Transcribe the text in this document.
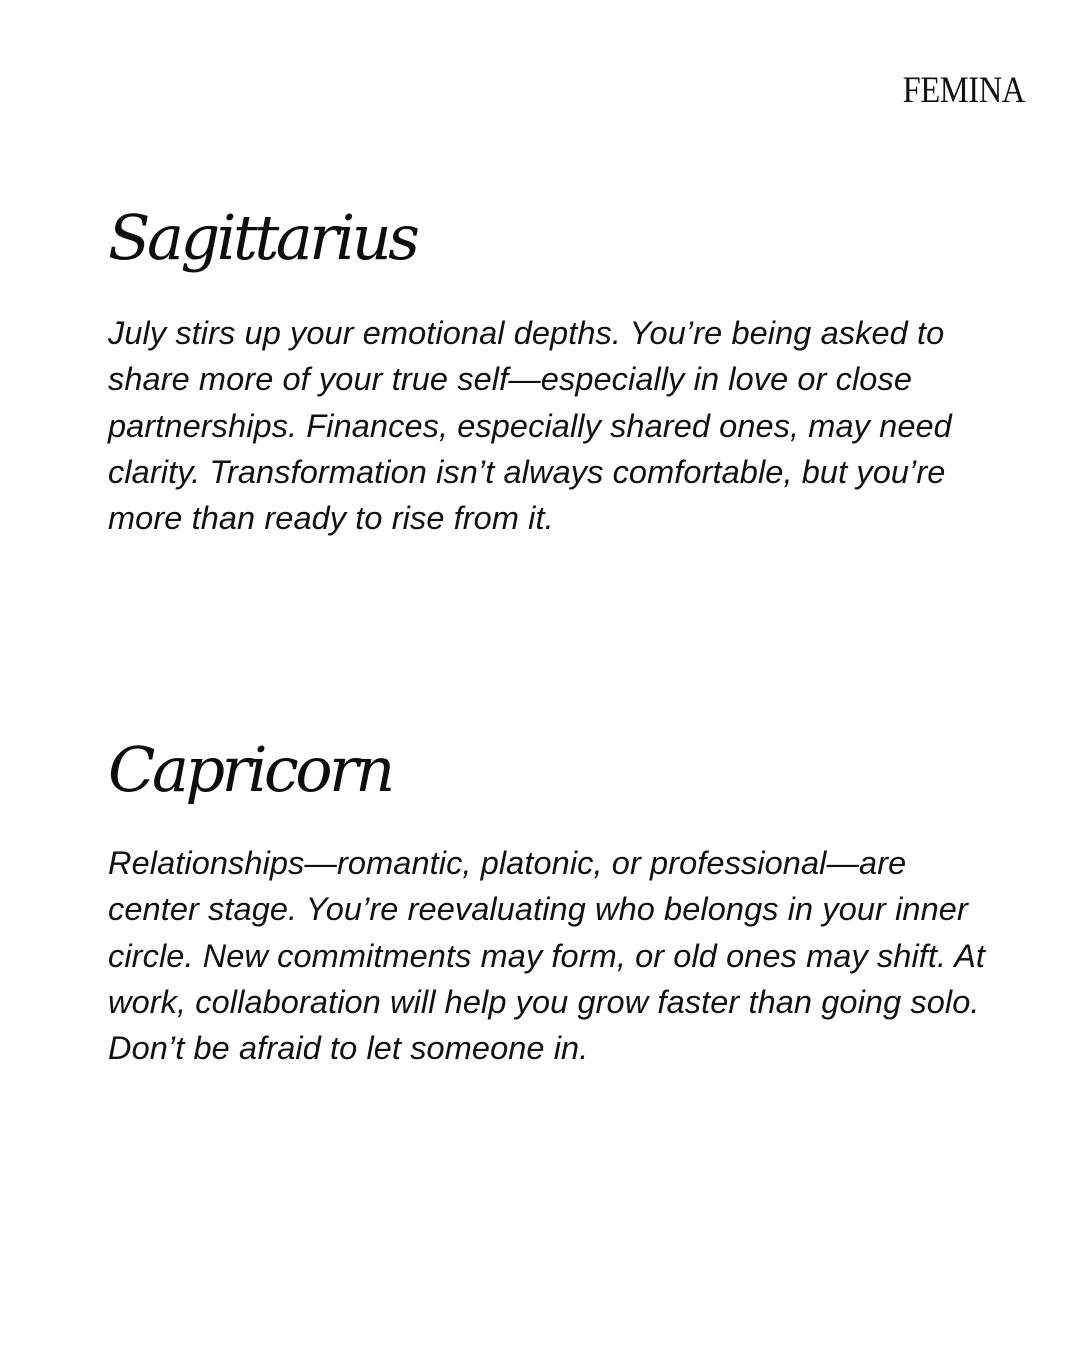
FEMINA
Sagittarius

July stirs up your emotional depths. You’re being asked to share more of your true self—especially in love or close partnerships. Finances, especially shared ones, may need clarity. Transformation isn’t always comfortable, but you’re more than ready to rise from it.

Capricorn

Relationships—romantic, platonic, or professional—are center stage. You’re reevaluating who belongs in your inner circle. New commitments may form, or old ones may shift. At work, collaboration will help you grow faster than going solo. Don’t be afraid to let someone in.
